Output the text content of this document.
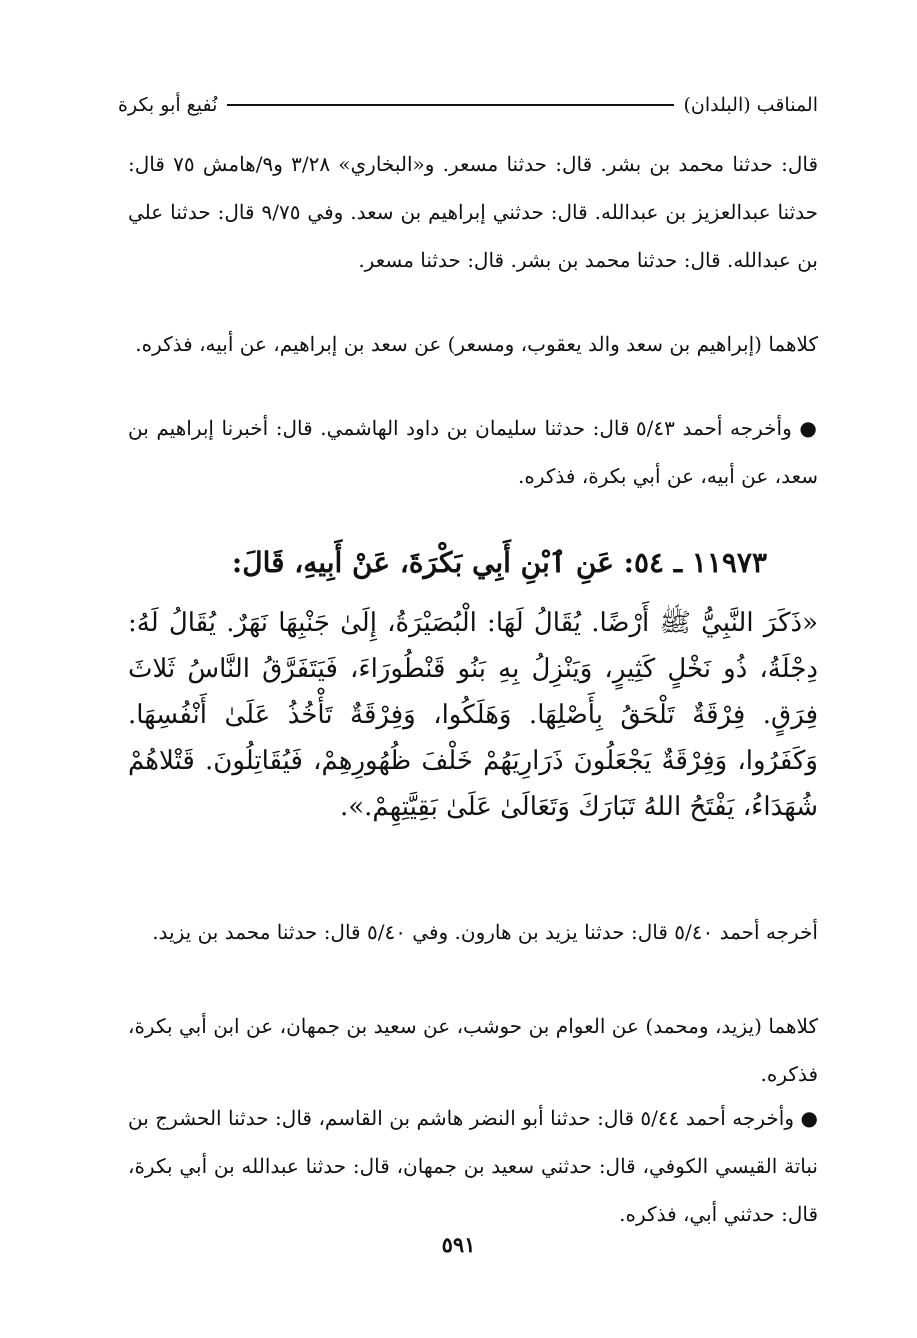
المناقب (البلدان)
نُفيع أبو بكرة

قال: حدثنا محمد بن بشر. قال: حدثنا مسعر. و«البخاري» ٣/٢٨ و٩/هامش ٧٥ قال: حدثنا عبدالعزيز بن عبدالله. قال: حدثني إبراهيم بن سعد. وفي ٩/٧٥ قال: حدثنا علي بن عبدالله. قال: حدثنا محمد بن بشر. قال: حدثنا مسعر.

كلاهما (إبراهيم بن سعد والد يعقوب، ومسعر) عن سعد بن إبراهيم، عن أبيه، فذكره.

● وأخرجه أحمد ٥/٤٣ قال: حدثنا سليمان بن داود الهاشمي. قال: أخبرنا إبراهيم بن سعد، عن أبيه، عن أبي بكرة، فذكره.

١١٩٧٣ ـ ٥٤: عَنِ ٱبْنِ أَبِي بَكْرَةَ، عَنْ أَبِيهِ، قَالَ:

«ذَكَرَ النَّبِيُّ ﷺ أَرْضًا. يُقَالُ لَهَا: الْبُصَيْرَةُ، إِلَىٰ جَنْبِهَا نَهَرٌ. يُقَالُ لَهُ: دِجْلَةُ، ذُو نَخْلٍ كَثِيرٍ، وَيَنْزِلُ بِهِ بَنُو قَنْطُورَاءَ، فَيَتَفَرَّقُ النَّاسُ ثَلاثَ فِرَقٍ. فِرْقَةٌ تَلْحَقُ بِأَصْلِهَا. وَهَلَكُوا، وَفِرْقَةٌ تَأْخُذُ عَلَىٰ أَنْفُسِهَا. وَكَفَرُوا، وَفِرْقَةٌ يَجْعَلُونَ ذَرَارِيَهُمْ خَلْفَ ظُهُورِهِمْ، فَيُقَاتِلُونَ. قَتْلاهُمْ شُهَدَاءُ، يَفْتَحُ اللهُ تَبَارَكَ وَتَعَالَىٰ عَلَىٰ بَقِيَّتِهِمْ.».

أخرجه أحمد ٥/٤٠ قال: حدثنا يزيد بن هارون. وفي ٥/٤٠ قال: حدثنا محمد بن يزيد.

كلاهما (يزيد، ومحمد) عن العوام بن حوشب، عن سعيد بن جمهان، عن ابن أبي بكرة، فذكره.

● وأخرجه أحمد ٥/٤٤ قال: حدثنا أبو النضر هاشم بن القاسم، قال: حدثنا الحشرج بن نباتة القيسي الكوفي، قال: حدثني سعيد بن جمهان، قال: حدثنا عبدالله بن أبي بكرة، قال: حدثني أبي، فذكره.

٥٩١
